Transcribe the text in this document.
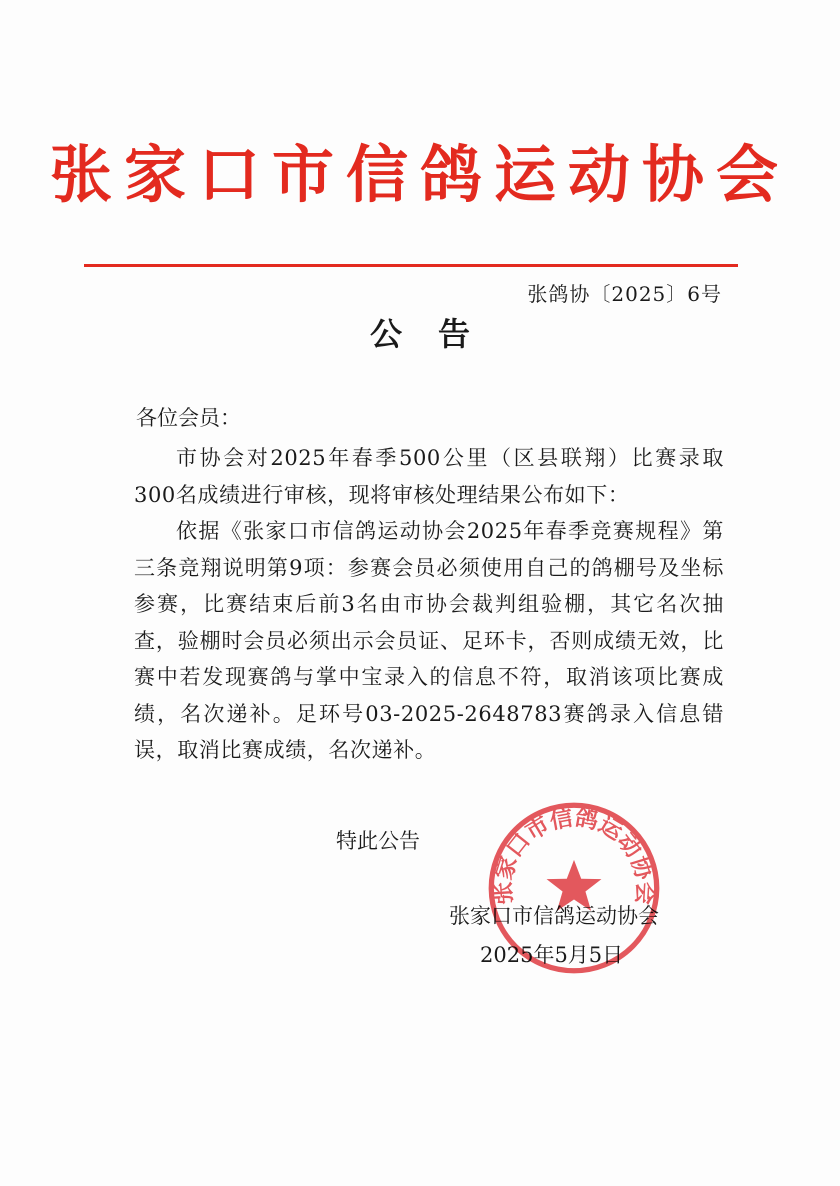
张家口市信鸽运动协会
张鸽协〔2025〕6号
公告
各位会员：

市协会对2025年春季500公里（区县联翔）比赛录取300名成绩进行审核，现将审核处理结果公布如下：

依据《张家口市信鸽运动协会2025年春季竞赛规程》第三条竞翔说明第9项：参赛会员必须使用自己的鸽棚号及坐标参赛，比赛结束后前3名由市协会裁判组验棚，其它名次抽查，验棚时会员必须出示会员证、足环卡，否则成绩无效，比赛中若发现赛鸽与掌中宝录入的信息不符，取消该项比赛成绩，名次递补。足环号03-2025-2648783赛鸽录入信息错误，取消比赛成绩，名次递补。

特此公告
张家口市信鸽运动协会
2025年5月5日
张家口市信鸽运动协会
